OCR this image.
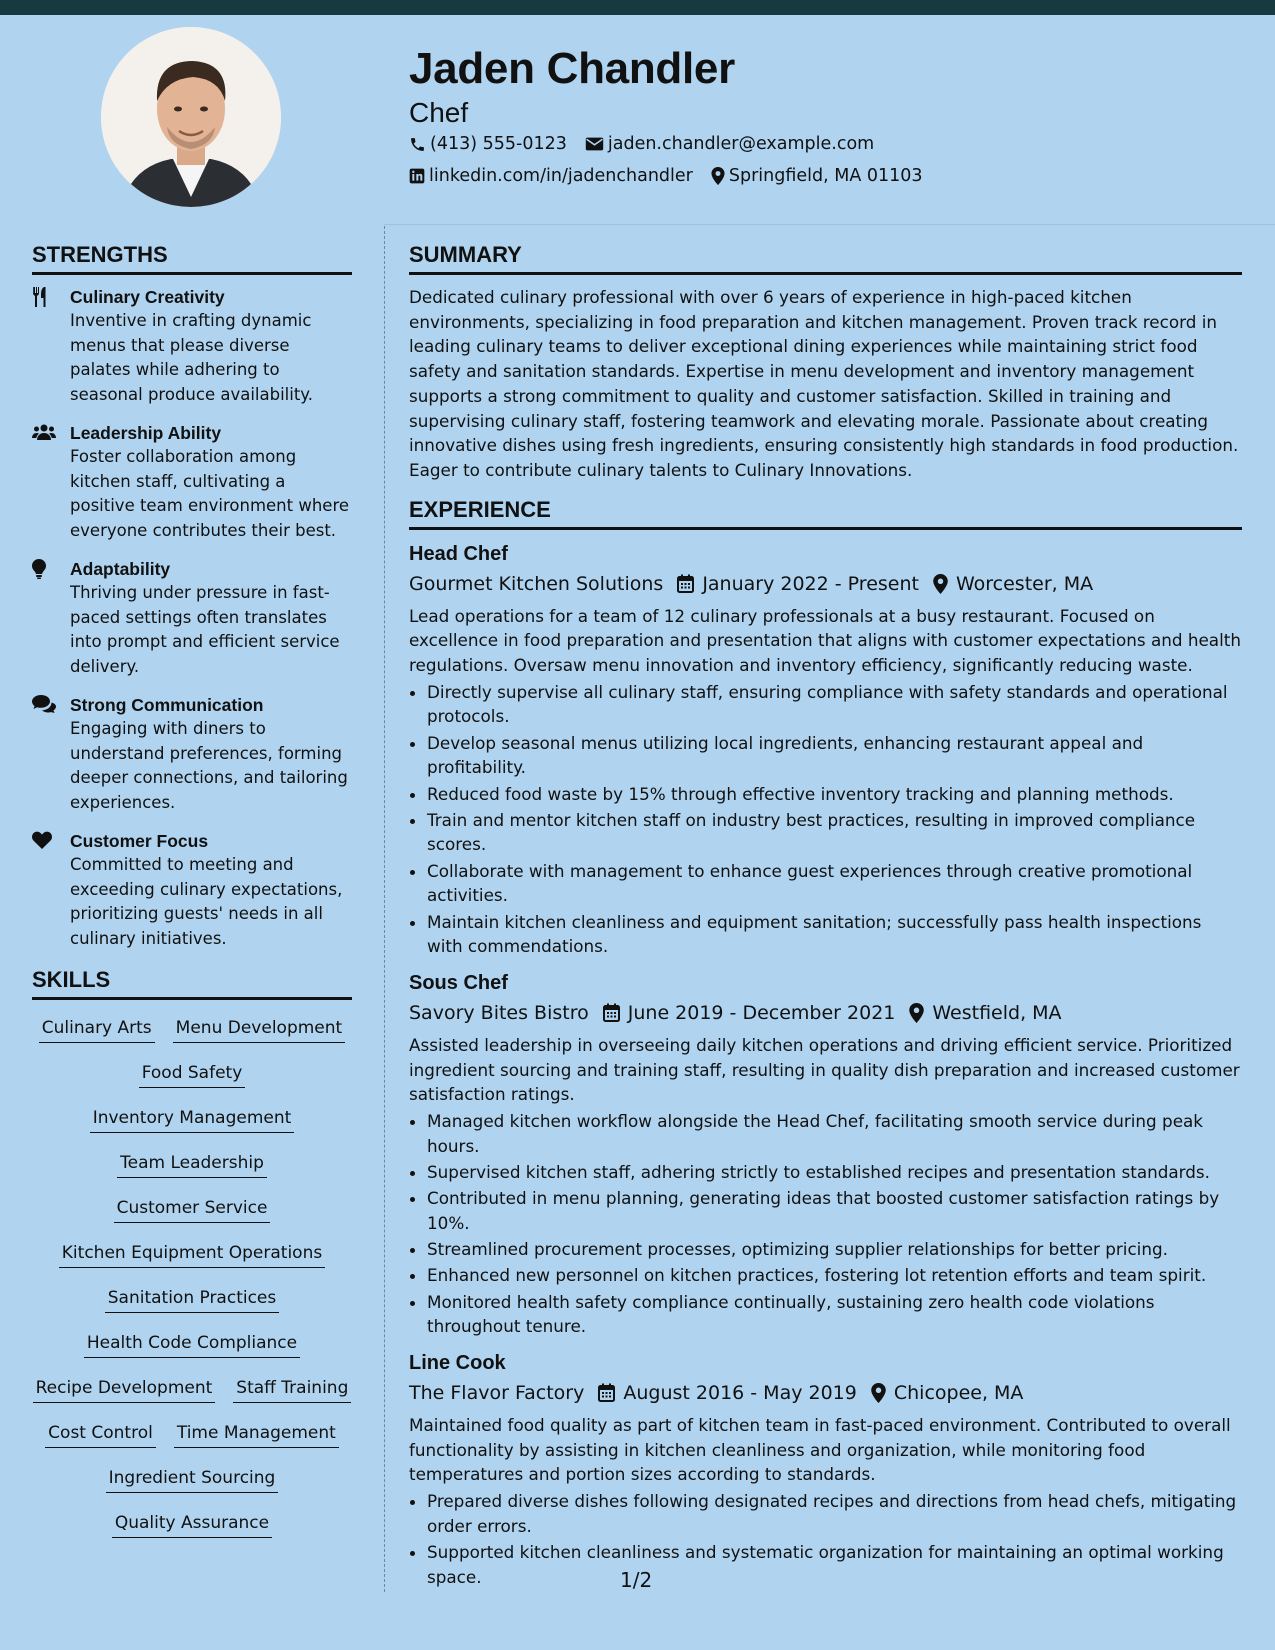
Jaden Chandler
Chef
(413) 555-0123 jaden.chandler@example.com
linkedin.com/in/jadenchandler Springfield, MA 01103
STRENGTHS
Culinary Creativity
Inventive in crafting dynamic menus that please diverse palates while adhering to seasonal produce availability.
Leadership Ability
Foster collaboration among kitchen staff, cultivating a positive team environment where everyone contributes their best.
Adaptability
Thriving under pressure in fast-paced settings often translates into prompt and efficient service delivery.
Strong Communication
Engaging with diners to understand preferences, forming deeper connections, and tailoring experiences.
Customer Focus
Committed to meeting and exceeding culinary expectations, prioritizing guests' needs in all culinary initiatives.
SKILLS
Culinary Arts Menu Development
Food Safety
Inventory Management
Team Leadership
Customer Service
Kitchen Equipment Operations
Sanitation Practices
Health Code Compliance
Recipe Development Staff Training
Cost Control Time Management
Ingredient Sourcing
Quality Assurance
SUMMARY

Dedicated culinary professional with over 6 years of experience in high-paced kitchen environments, specializing in food preparation and kitchen management. Proven track record in leading culinary teams to deliver exceptional dining experiences while maintaining strict food safety and sanitation standards. Expertise in menu development and inventory management supports a strong commitment to quality and customer satisfaction. Skilled in training and supervising culinary staff, fostering teamwork and elevating morale. Passionate about creating innovative dishes using fresh ingredients, ensuring consistently high standards in food production. Eager to contribute culinary talents to Culinary Innovations.

EXPERIENCE
Head Chef
Gourmet Kitchen Solutions January 2022 - Present Worcester, MA

Lead operations for a team of 12 culinary professionals at a busy restaurant. Focused on excellence in food preparation and presentation that aligns with customer expectations and health regulations. Oversaw menu innovation and inventory efficiency, significantly reducing waste.

• Directly supervise all culinary staff, ensuring compliance with safety standards and operational protocols.
• Develop seasonal menus utilizing local ingredients, enhancing restaurant appeal and profitability.
• Reduced food waste by 15% through effective inventory tracking and planning methods.
• Train and mentor kitchen staff on industry best practices, resulting in improved compliance scores.
• Collaborate with management to enhance guest experiences through creative promotional activities.
• Maintain kitchen cleanliness and equipment sanitation; successfully pass health inspections with commendations.
Sous Chef
Savory Bites Bistro June 2019 - December 2021 Westfield, MA

Assisted leadership in overseeing daily kitchen operations and driving efficient service. Prioritized ingredient sourcing and training staff, resulting in quality dish preparation and increased customer satisfaction ratings.

• Managed kitchen workflow alongside the Head Chef, facilitating smooth service during peak hours.
• Supervised kitchen staff, adhering strictly to established recipes and presentation standards.
• Contributed in menu planning, generating ideas that boosted customer satisfaction ratings by 10%.
• Streamlined procurement processes, optimizing supplier relationships for better pricing.
• Enhanced new personnel on kitchen practices, fostering lot retention efforts and team spirit.
• Monitored health safety compliance continually, sustaining zero health code violations throughout tenure.
Line Cook
The Flavor Factory August 2016 - May 2019 Chicopee, MA

Maintained food quality as part of kitchen team in fast-paced environment. Contributed to overall functionality by assisting in kitchen cleanliness and organization, while monitoring food temperatures and portion sizes according to standards.

• Prepared diverse dishes following designated recipes and directions from head chefs, mitigating order errors.
• Supported kitchen cleanliness and systematic organization for maintaining an optimal working space.	1/2
